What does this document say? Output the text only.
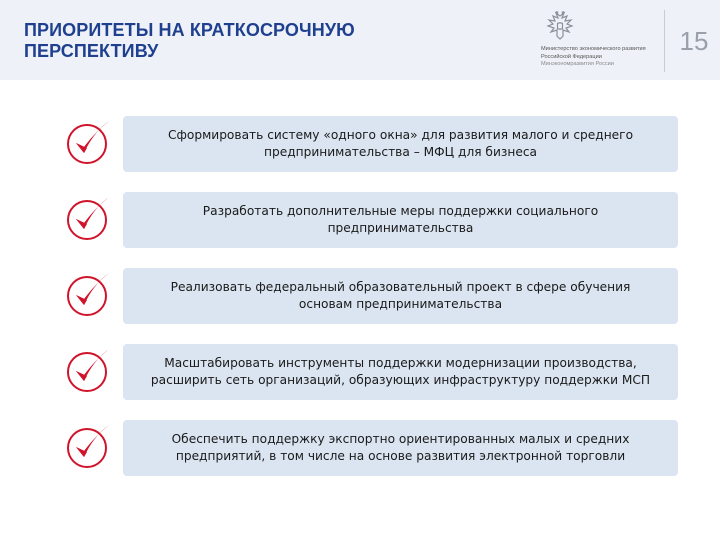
ПРИОРИТЕТЫ НА КРАТКОСРОЧНУЮ
ПЕРСПЕКТИВУ	Министерство экономического развития
Российской Федерации
Минэкономразвития России
15
Сформировать систему «одного окна» для развития малого и среднего
предпринимательства – МФЦ для бизнеса
Разработать дополнительные меры поддержки социального
предпринимательства
Реализовать федеральный образовательный проект в сфере обучения
основам предпринимательства
Масштабировать инструменты поддержки модернизации производства,
расширить сеть организаций, образующих инфраструктуру поддержки МСП
Обеспечить поддержку экспортно ориентированных малых и средних
предприятий, в том числе на основе развития электронной торговли
